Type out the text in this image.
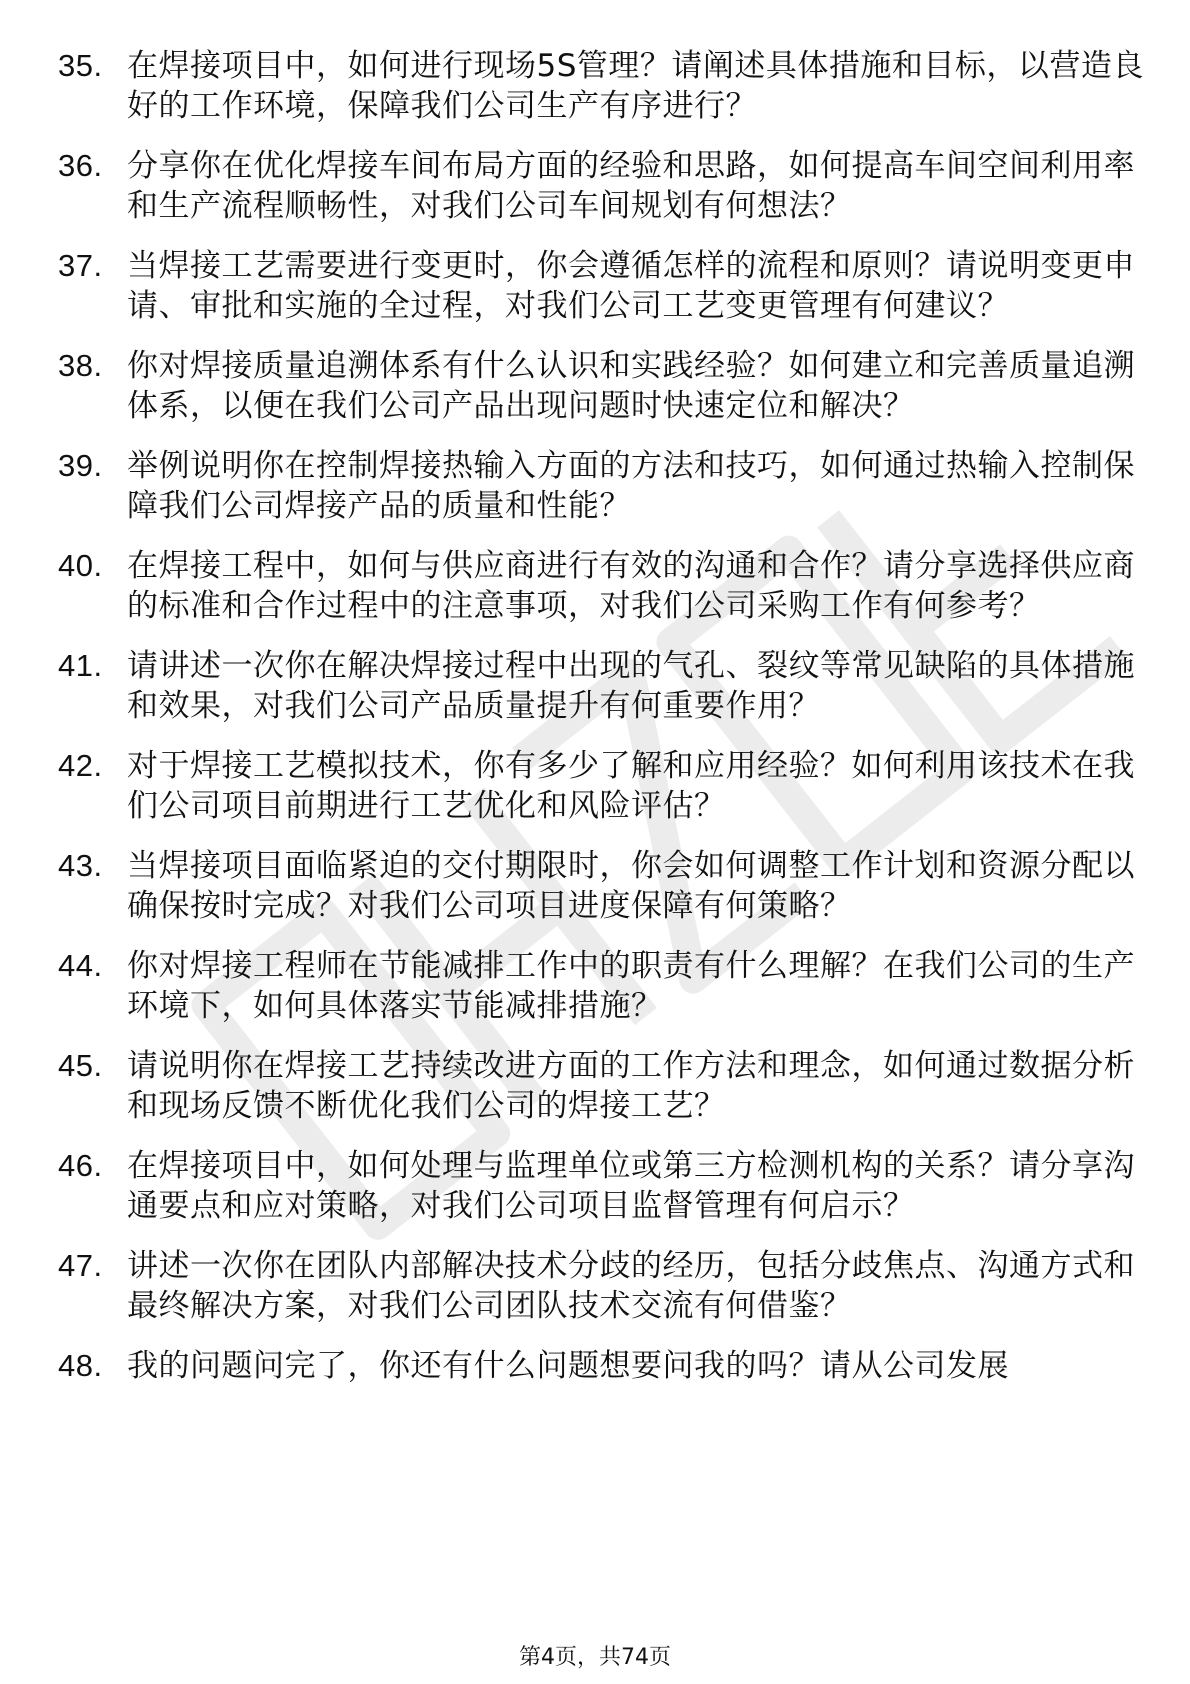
35. 在焊接项目中，如何进行现场5S管理？请阐述具体措施和目标，以营造良好的工作环境，保障我们公司生产有序进行？
36. 分享你在优化焊接车间布局方面的经验和思路，如何提高车间空间利用率和生产流程顺畅性，对我们公司车间规划有何想法？
37. 当焊接工艺需要进行变更时，你会遵循怎样的流程和原则？请说明变更申请、审批和实施的全过程，对我们公司工艺变更管理有何建议？
38. 你对焊接质量追溯体系有什么认识和实践经验？如何建立和完善质量追溯体系，以便在我们公司产品出现问题时快速定位和解决？
39. 举例说明你在控制焊接热输入方面的方法和技巧，如何通过热输入控制保障我们公司焊接产品的质量和性能？
40. 在焊接工程中，如何与供应商进行有效的沟通和合作？请分享选择供应商的标准和合作过程中的注意事项，对我们公司采购工作有何参考？
41. 请讲述一次你在解决焊接过程中出现的气孔、裂纹等常见缺陷的具体措施和效果，对我们公司产品质量提升有何重要作用？
42. 对于焊接工艺模拟技术，你有多少了解和应用经验？如何利用该技术在我们公司项目前期进行工艺优化和风险评估？
43. 当焊接项目面临紧迫的交付期限时，你会如何调整工作计划和资源分配以确保按时完成？对我们公司项目进度保障有何策略？
44. 你对焊接工程师在节能减排工作中的职责有什么理解？在我们公司的生产环境下，如何具体落实节能减排措施？
45. 请说明你在焊接工艺持续改进方面的工作方法和理念，如何通过数据分析和现场反馈不断优化我们公司的焊接工艺？
46. 在焊接项目中，如何处理与监理单位或第三方检测机构的关系？请分享沟通要点和应对策略，对我们公司项目监督管理有何启示？
47. 讲述一次你在团队内部解决技术分歧的经历，包括分歧焦点、沟通方式和最终解决方案，对我们公司团队技术交流有何借鉴？
48. 我的问题问完了，你还有什么问题想要问我的吗？请从公司发展
第4页，共74页
